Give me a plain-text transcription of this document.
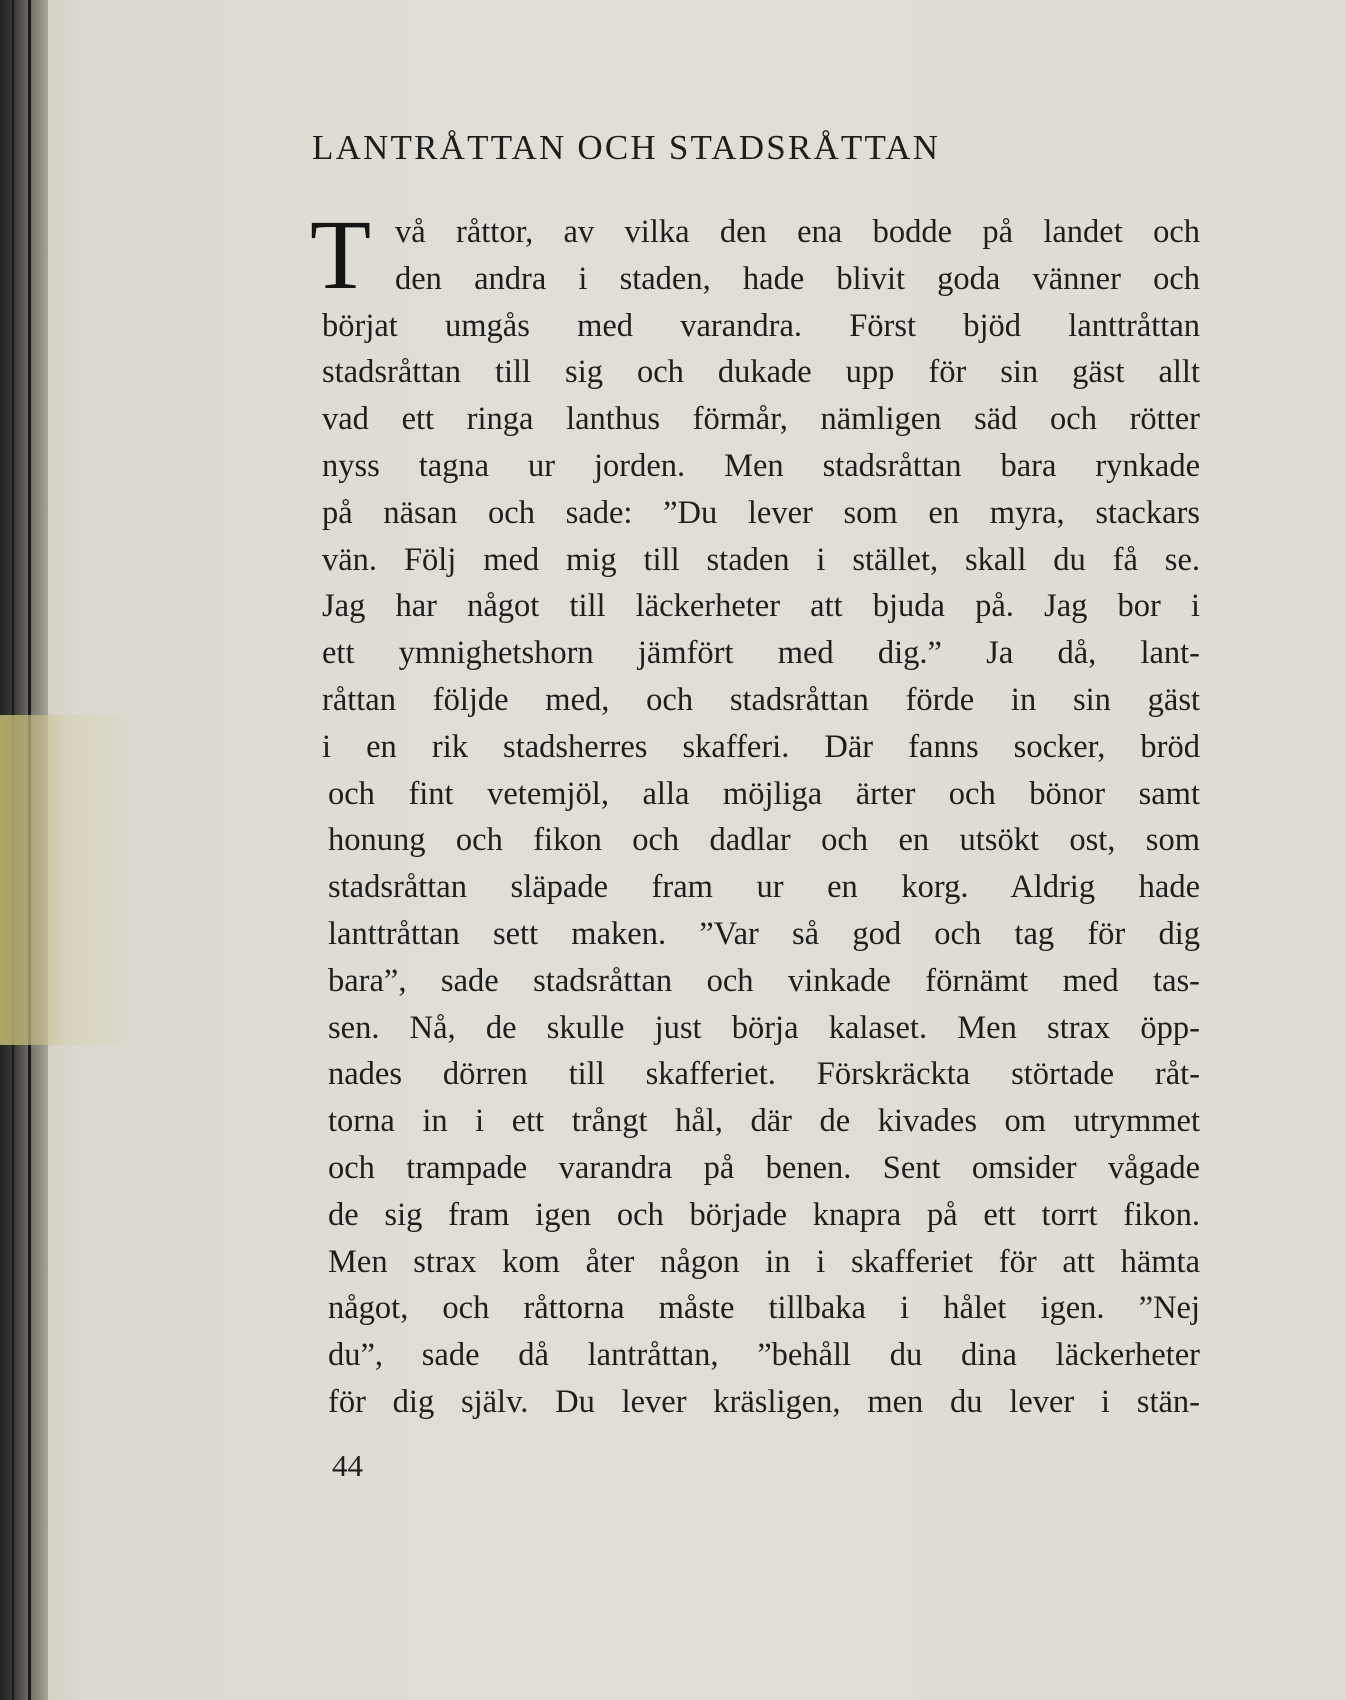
LANTRÅTTAN OCH STADSRÅTTAN
T vå råttor, av vilka den ena bodde på landet och
den andra i staden, hade blivit goda vänner och
börjat umgås med varandra. Först bjöd lanttråttan
stadsråttan till sig och dukade upp för sin gäst allt
vad ett ringa lanthus förmår, nämligen säd och rötter
nyss tagna ur jorden. Men stadsråttan bara rynkade
på näsan och sade: ”Du lever som en myra, stackars
vän. Följ med mig till staden i stället, skall du få se.
Jag har något till läckerheter att bjuda på. Jag bor i
ett ymnighetshorn jämfört med dig.” Ja då, lant-
råttan följde med, och stadsråttan förde in sin gäst
i en rik stadsherres skafferi. Där fanns socker, bröd
och fint vetemjöl, alla möjliga ärter och bönor samt
honung och fikon och dadlar och en utsökt ost, som
stadsråttan släpade fram ur en korg. Aldrig hade
lanttråttan sett maken. ”Var så god och tag för dig
bara”, sade stadsråttan och vinkade förnämt med tas-
sen. Nå, de skulle just börja kalaset. Men strax öpp-
nades dörren till skafferiet. Förskräckta störtade råt-
torna in i ett trångt hål, där de kivades om utrymmet
och trampade varandra på benen. Sent omsider vågade
de sig fram igen och började knapra på ett torrt fikon.
Men strax kom åter någon in i skafferiet för att hämta
något, och råttorna måste tillbaka i hålet igen. ”Nej
du”, sade då lantråttan, ”behåll du dina läckerheter
för dig själv. Du lever kräsligen, men du lever i stän-
44
